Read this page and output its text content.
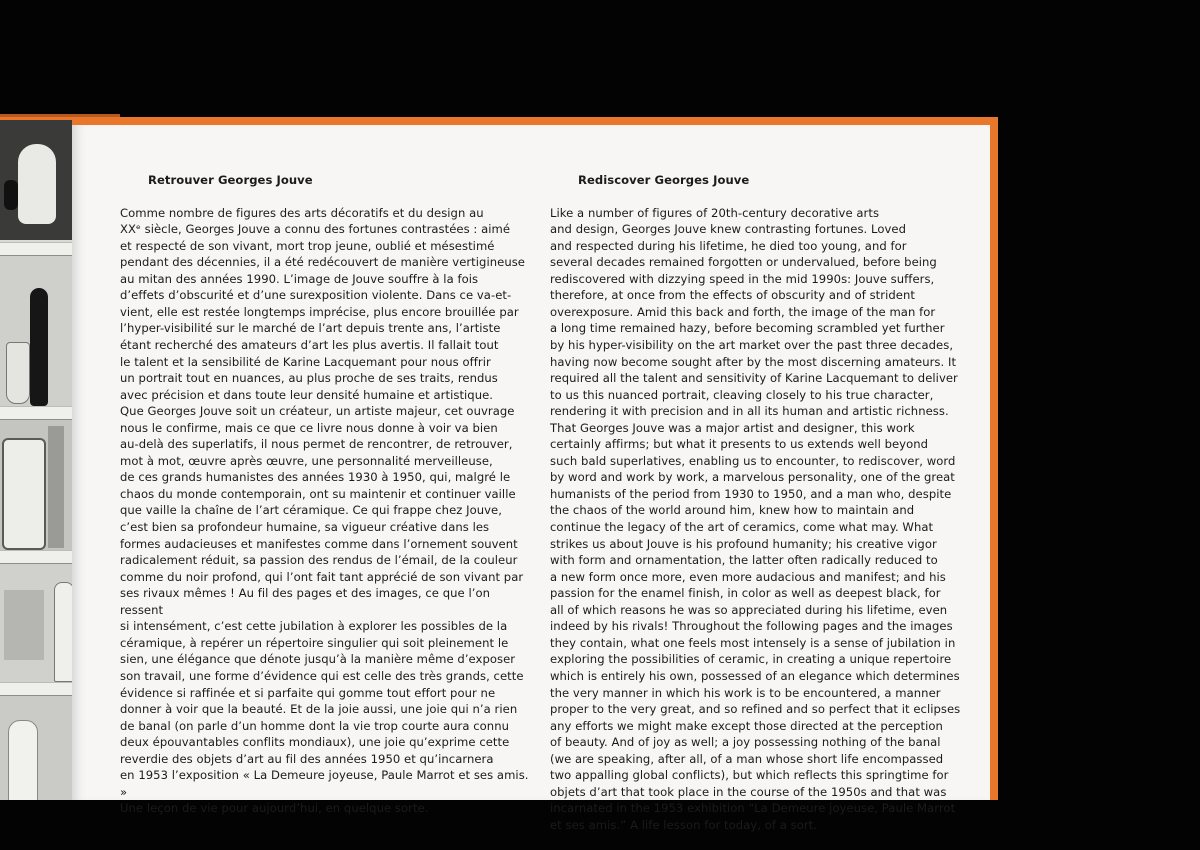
Retrouver Georges Jouve

Comme nombre de figures des arts décoratifs et du design au
XXᵉ siècle, Georges Jouve a connu des fortunes contrastées : aimé
et respecté de son vivant, mort trop jeune, oublié et mésestimé
pendant des décennies, il a été redécouvert de manière vertigineuse
au mitan des années 1990. L’image de Jouve souffre à la fois
d’effets d’obscurité et d’une surexposition violente. Dans ce va-et-
vient, elle est restée longtemps imprécise, plus encore brouillée par
l’hyper-visibilité sur le marché de l’art depuis trente ans, l’artiste
étant recherché des amateurs d’art les plus avertis. Il fallait tout
le talent et la sensibilité de Karine Lacquemant pour nous offrir
un portrait tout en nuances, au plus proche de ses traits, rendus
avec précision et dans toute leur densité humaine et artistique.
Que Georges Jouve soit un créateur, un artiste majeur, cet ouvrage
nous le confirme, mais ce que ce livre nous donne à voir va bien
au-delà des superlatifs, il nous permet de rencontrer, de retrouver,
mot à mot, œuvre après œuvre, une personnalité merveilleuse,
de ces grands humanistes des années 1930 à 1950, qui, malgré le
chaos du monde contemporain, ont su maintenir et continuer vaille
que vaille la chaîne de l’art céramique. Ce qui frappe chez Jouve,
c’est bien sa profondeur humaine, sa vigueur créative dans les
formes audacieuses et manifestes comme dans l’ornement souvent
radicalement réduit, sa passion des rendus de l’émail, de la couleur
comme du noir profond, qui l’ont fait tant apprécié de son vivant par
ses rivaux mêmes ! Au fil des pages et des images, ce que l’on ressent
si intensément, c’est cette jubilation à explorer les possibles de la
céramique, à repérer un répertoire singulier qui soit pleinement le
sien, une élégance que dénote jusqu’à la manière même d’exposer
son travail, une forme d’évidence qui est celle des très grands, cette
évidence si raffinée et si parfaite qui gomme tout effort pour ne
donner à voir que la beauté. Et de la joie aussi, une joie qui n’a rien
de banal (on parle d’un homme dont la vie trop courte aura connu
deux épouvantables conflits mondiaux), une joie qu’exprime cette
reverdie des objets d’art au fil des années 1950 et qu’incarnera
en 1953 l’exposition « La Demeure joyeuse, Paule Marrot et ses amis. »
Une leçon de vie pour aujourd’hui, en quelque sorte.

Rediscover Georges Jouve

Like a number of figures of 20th-century decorative arts
and design, Georges Jouve knew contrasting fortunes. Loved
and respected during his lifetime, he died too young, and for
several decades remained forgotten or undervalued, before being
rediscovered with dizzying speed in the mid 1990s: Jouve suffers,
therefore, at once from the effects of obscurity and of strident
overexposure. Amid this back and forth, the image of the man for
a long time remained hazy, before becoming scrambled yet further
by his hyper-visibility on the art market over the past three decades,
having now become sought after by the most discerning amateurs. It
required all the talent and sensitivity of Karine Lacquemant to deliver
to us this nuanced portrait, cleaving closely to his true character,
rendering it with precision and in all its human and artistic richness.
That Georges Jouve was a major artist and designer, this work
certainly affirms; but what it presents to us extends well beyond
such bald superlatives, enabling us to encounter, to rediscover, word
by word and work by work, a marvelous personality, one of the great
humanists of the period from 1930 to 1950, and a man who, despite
the chaos of the world around him, knew how to maintain and
continue the legacy of the art of ceramics, come what may. What
strikes us about Jouve is his profound humanity; his creative vigor
with form and ornamentation, the latter often radically reduced to
a new form once more, even more audacious and manifest; and his
passion for the enamel finish, in color as well as deepest black, for
all of which reasons he was so appreciated during his lifetime, even
indeed by his rivals! Throughout the following pages and the images
they contain, what one feels most intensely is a sense of jubilation in
exploring the possibilities of ceramic, in creating a unique repertoire
which is entirely his own, possessed of an elegance which determines
the very manner in which his work is to be encountered, a manner
proper to the very great, and so refined and so perfect that it eclipses
any efforts we might make except those directed at the perception
of beauty. And of joy as well; a joy possessing nothing of the banal
(we are speaking, after all, of a man whose short life encompassed
two appalling global conflicts), but which reflects this springtime for
objets d’art that took place in the course of the 1950s and that was
incarnated in the 1953 exhibition “La Demeure joyeuse, Paule Marrot
et ses amis.” A life lesson for today, of a sort.
